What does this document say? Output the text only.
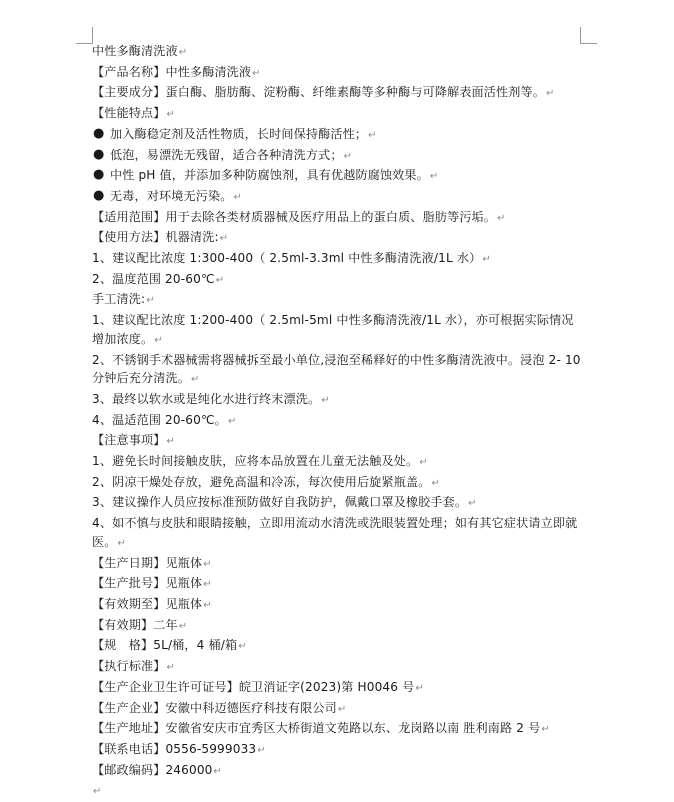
中性多酶清洗液↵
【产品名称】中性多酶清洗液↵
【主要成分】蛋白酶、脂肪酶、淀粉酶、纤维素酶等多种酶与可降解表面活性剂等。↵
【性能特点】↵
● 加入酶稳定剂及活性物质，长时间保持酶活性；↵
● 低泡，易漂洗无残留，适合各种清洗方式；↵
● 中性 pH 值，并添加多种防腐蚀剂，具有优越防腐蚀效果。↵
● 无毒，对环境无污染。↵
【适用范围】用于去除各类材质器械及医疗用品上的蛋白质、脂肪等污垢。↵
【使用方法】机器清洗:↵
1、建议配比浓度 1:300-400（ 2.5ml-3.3ml 中性多酶清洗液/1L 水）↵
2、温度范围 20-60℃↵
手工清洗:↵
1、建议配比浓度 1:200-400（ 2.5ml-5ml 中性多酶清洗液/1L 水），亦可根据实际情况增加浓度。↵
2、不锈钢手术器械需将器械拆至最小单位,浸泡至稀释好的中性多酶清洗液中。浸泡 2- 10 分钟后充分清洗。↵
3、最终以软水或是纯化水进行终末漂洗。↵
4、温适范围 20-60℃。↵
【注意事项】↵
1、避免长时间接触皮肤，应将本品放置在儿童无法触及处。↵
2、阴凉干燥处存放，避免高温和冷冻，每次使用后旋紧瓶盖。↵
3、建议操作人员应按标准预防做好自我防护，佩戴口罩及橡胶手套。↵
4、如不慎与皮肤和眼睛接触，立即用流动水清洗或洗眼装置处理；如有其它症状请立即就医。↵
【生产日期】见瓶体↵
【生产批号】见瓶体↵
【有效期至】见瓶体↵
【有效期】二年↵
【规　格】5L/桶，4 桶/箱↵
【执行标准】↵
【生产企业卫生许可证号】皖卫消证字(2023)第 H0046 号↵
【生产企业】安徽中科迈德医疗科技有限公司↵
【生产地址】安徽省安庆市宜秀区大桥街道文苑路以东、龙岗路以南 胜利南路 2 号↵
【联系电话】0556-5999033↵
【邮政编码】246000↵
↵
